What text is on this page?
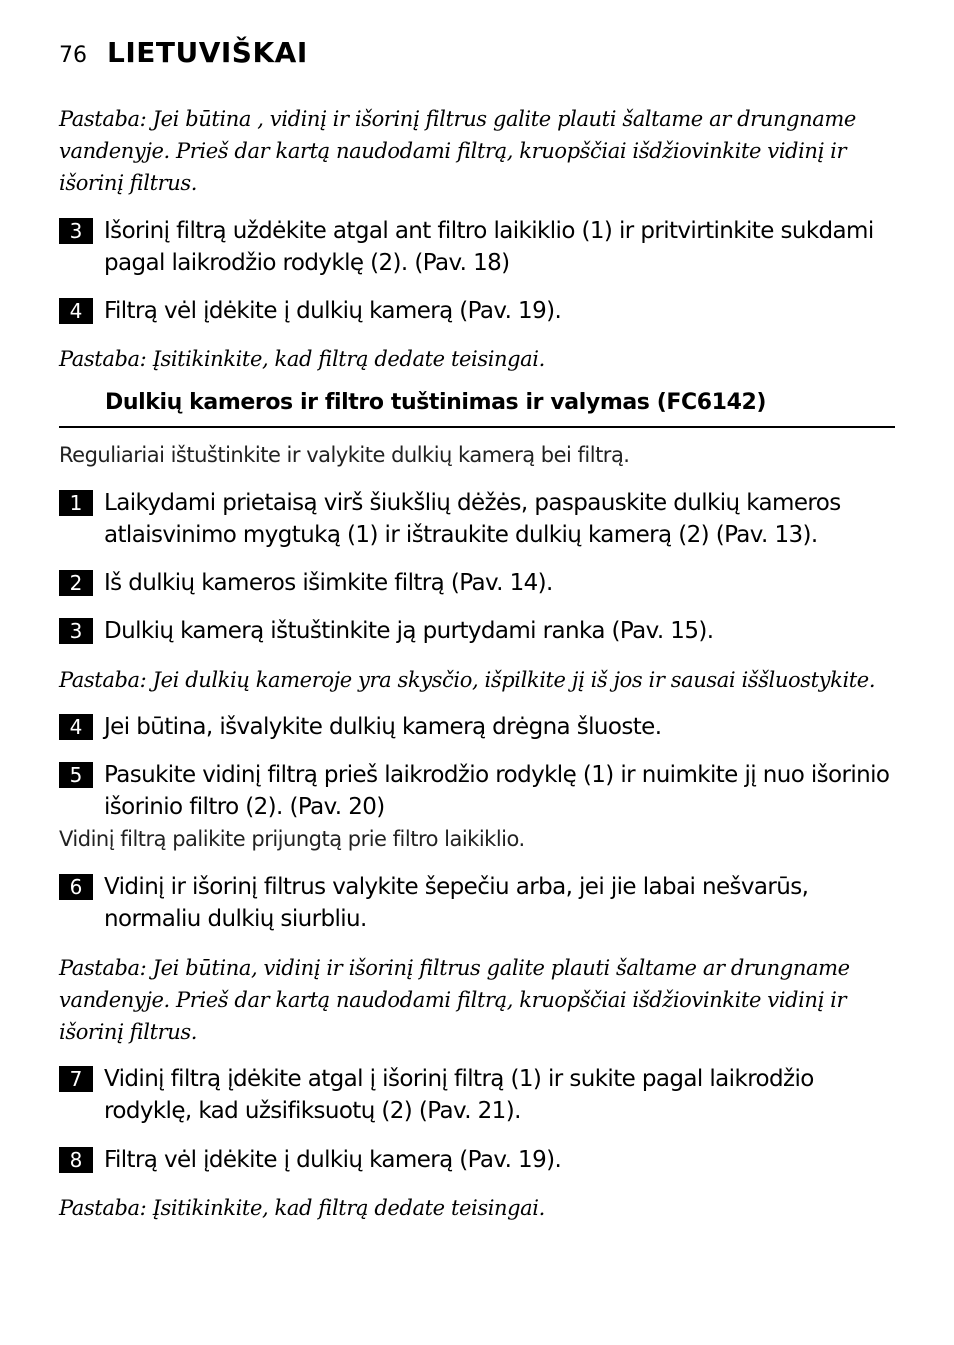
76 LIETUVIŠKAI
Pastaba: Jei būtina , vidinį ir išorinį filtrus galite plauti šaltame ar drungname vandenyje. Prieš dar kartą naudodami filtrą, kruopščiai išdžiovinkite vidinį ir išorinį filtrus.
3 Išorinį filtrą uždėkite atgal ant filtro laikiklio (1) ir pritvirtinkite sukdami pagal laikrodžio rodyklę (2). (Pav. 18)
4 Filtrą vėl įdėkite į dulkių kamerą (Pav. 19).
Pastaba: Įsitikinkite, kad filtrą dedate teisingai.
Dulkių kameros ir filtro tuštinimas ir valymas (FC6142)
Reguliariai ištuštinkite ir valykite dulkių kamerą bei filtrą.
1 Laikydami prietaisą virš šiukšlių dėžės, paspauskite dulkių kameros atlaisvinimo mygtuką (1) ir ištraukite dulkių kamerą (2) (Pav. 13).
2 Iš dulkių kameros išimkite filtrą (Pav. 14).
3 Dulkių kamerą ištuštinkite ją purtydami ranka (Pav. 15).
Pastaba: Jei dulkių kameroje yra skysčio, išpilkite jį iš jos ir sausai iššluostykite.
4 Jei būtina, išvalykite dulkių kamerą drėgna šluoste.
5 Pasukite vidinį filtrą prieš laikrodžio rodyklę (1) ir nuimkite jį nuo išorinio išorinio filtro (2). (Pav. 20)
Vidinį filtrą palikite prijungtą prie filtro laikiklio.
6 Vidinį ir išorinį filtrus valykite šepečiu arba, jei jie labai nešvarūs, normaliu dulkių siurbliu.
Pastaba: Jei būtina, vidinį ir išorinį filtrus galite plauti šaltame ar drungname vandenyje. Prieš dar kartą naudodami filtrą, kruopščiai išdžiovinkite vidinį ir išorinį filtrus.
7 Vidinį filtrą įdėkite atgal į išorinį filtrą (1) ir sukite pagal laikrodžio rodyklę, kad užsifiksuotų (2) (Pav. 21).
8 Filtrą vėl įdėkite į dulkių kamerą (Pav. 19).
Pastaba: Įsitikinkite, kad filtrą dedate teisingai.
